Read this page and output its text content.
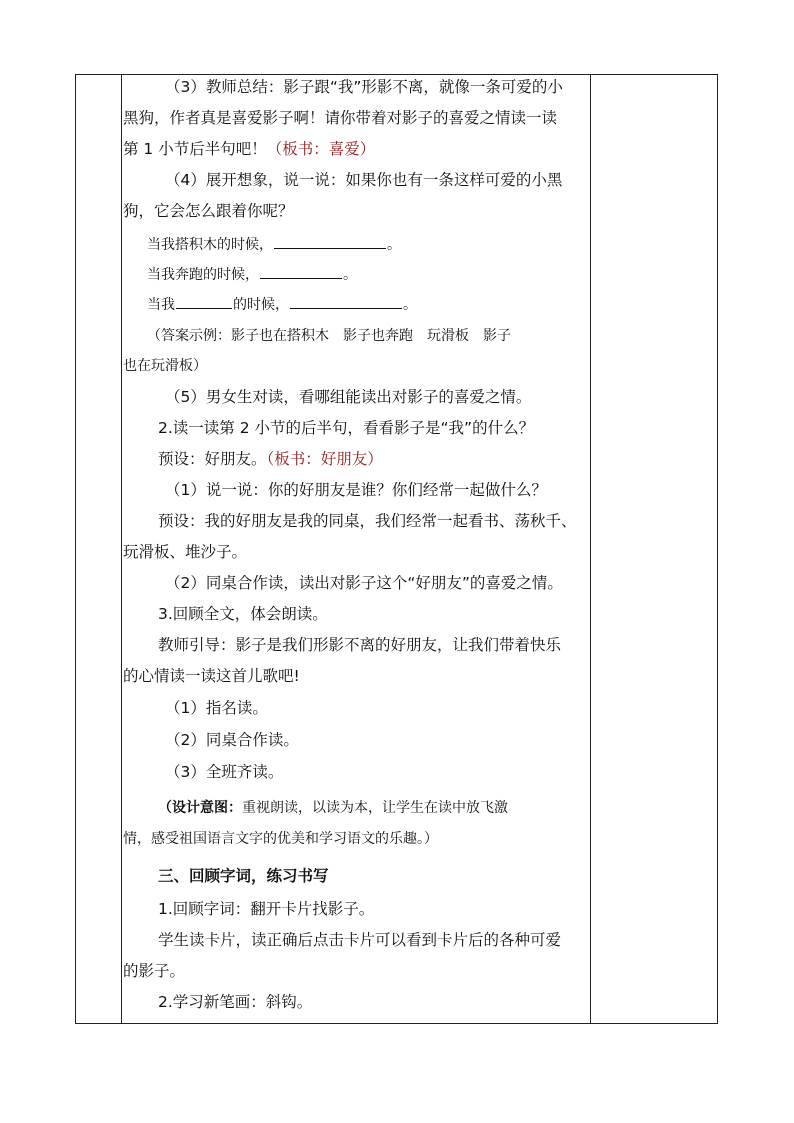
（3）教师总结：影子跟“我”形影不离，就像一条可爱的小
黑狗，作者真是喜爱影子啊！请你带着对影子的喜爱之情读一读
第 1 小节后半句吧！（板书：喜爱）
（4）展开想象，说一说：如果你也有一条这样可爱的小黑
狗，它会怎么跟着你呢？
当我搭积木的时候，	。
当我奔跑的时候，	。
当我	的时候，	。
（答案示例：影子也在搭积木　影子也奔跑　玩滑板　影子
也在玩滑板）
（5）男女生对读，看哪组能读出对影子的喜爱之情。
2.读一读第 2 小节的后半句，看看影子是“我”的什么？
预设：好朋友。（板书：好朋友）
（1）说一说：你的好朋友是谁？你们经常一起做什么？
预设：我的好朋友是我的同桌，我们经常一起看书、荡秋千、
玩滑板、堆沙子。
（2）同桌合作读，读出对影子这个“好朋友”的喜爱之情。
3.回顾全文，体会朗读。
教师引导：影子是我们形影不离的好朋友，让我们带着快乐
的心情读一读这首儿歌吧!
（1）指名读。
（2）同桌合作读。
（3）全班齐读。
（设计意图：重视朗读，以读为本，让学生在读中放飞激
情，感受祖国语言文字的优美和学习语文的乐趣。）
三、回顾字词，练习书写
1.回顾字词：翻开卡片找影子。
学生读卡片，读正确后点击卡片可以看到卡片后的各种可爱
的影子。
2.学习新笔画：斜钩。
